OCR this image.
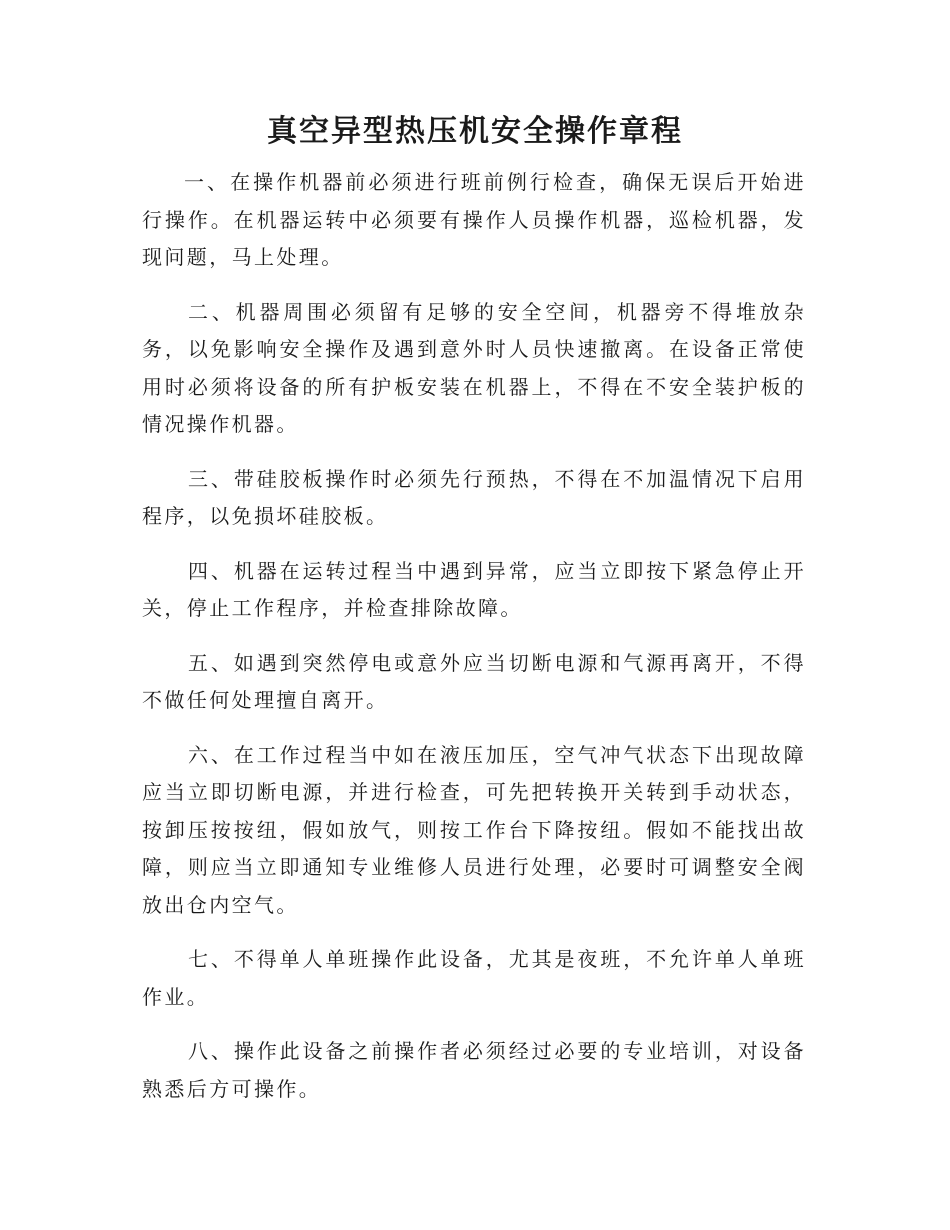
真空异型热压机安全操作章程

一、在操作机器前必须进行班前例行检查，确保无误后开始进行操作。在机器运转中必须要有操作人员操作机器，巡检机器，发现问题，马上处理。

二、机器周围必须留有足够的安全空间，机器旁不得堆放杂务，以免影响安全操作及遇到意外时人员快速撤离。在设备正常使用时必须将设备的所有护板安装在机器上，不得在不安全装护板的情况操作机器。

三、带硅胶板操作时必须先行预热，不得在不加温情况下启用程序，以免损坏硅胶板。

四、机器在运转过程当中遇到异常，应当立即按下紧急停止开关，停止工作程序，并检查排除故障。

五、如遇到突然停电或意外应当切断电源和气源再离开，不得不做任何处理擅自离开。

六、在工作过程当中如在液压加压，空气冲气状态下出现故障应当立即切断电源，并进行检查，可先把转换开关转到手动状态，按卸压按按纽，假如放气，则按工作台下降按纽。假如不能找出故障，则应当立即通知专业维修人员进行处理，必要时可调整安全阀放出仓内空气。

七、不得单人单班操作此设备，尤其是夜班，不允许单人单班作业。

八、操作此设备之前操作者必须经过必要的专业培训，对设备熟悉后方可操作。
